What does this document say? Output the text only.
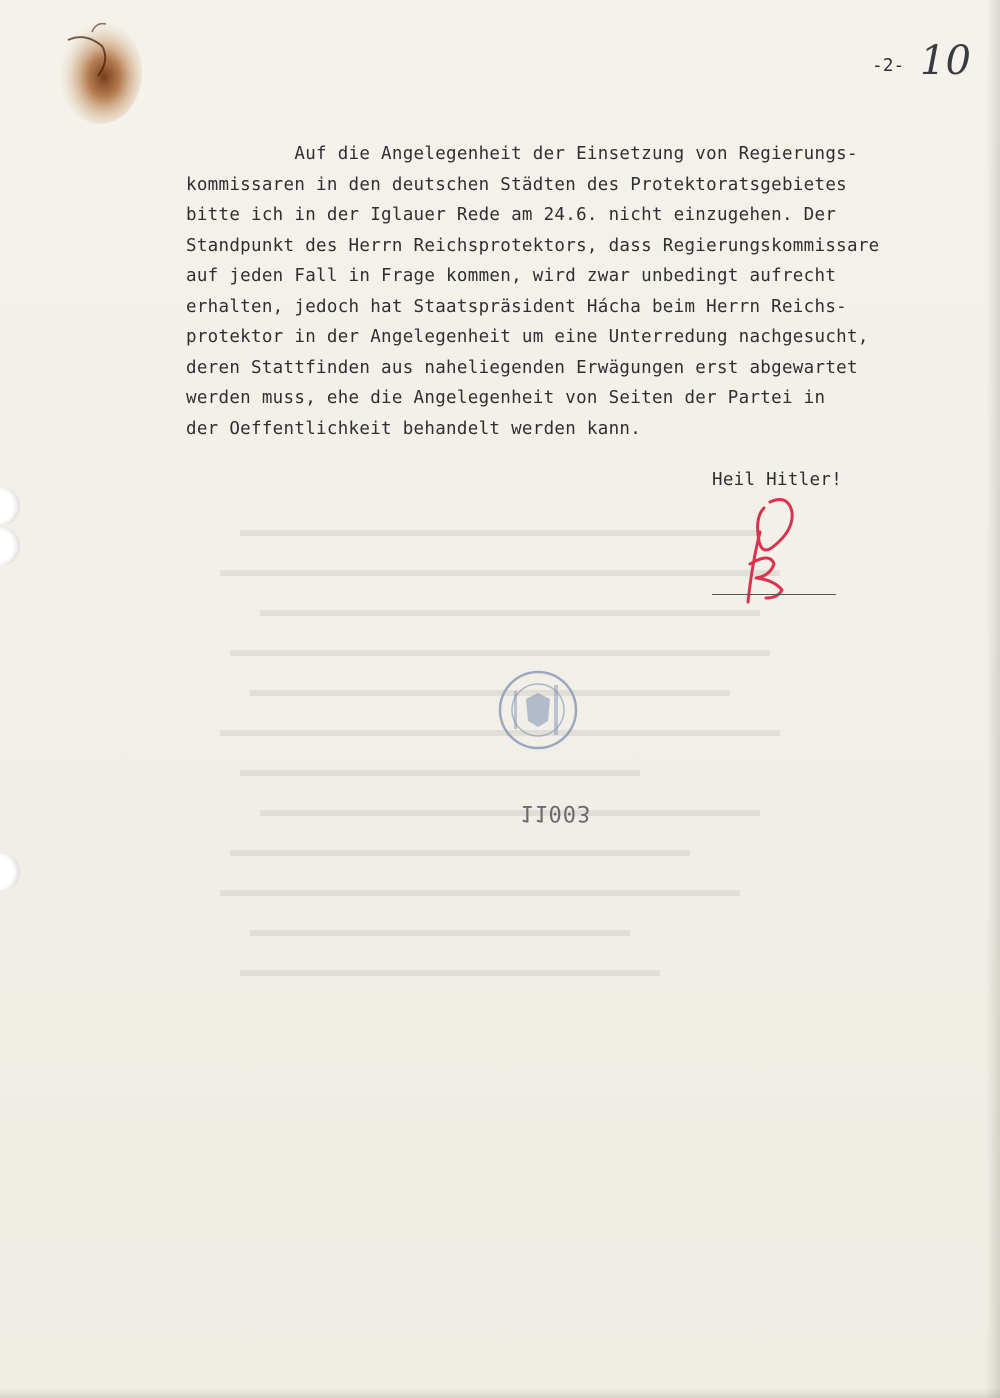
-2- 10

Auf die Angelegenheit der Einsetzung von Regierungs-

kommissaren in den deutschen Städten des Protektoratsgebietes

bitte ich in der Iglauer Rede am 24.6. nicht einzugehen. Der

Standpunkt des Herrn Reichsprotektors, dass Regierungskommissare

auf jeden Fall in Frage kommen, wird zwar unbedingt aufrecht

erhalten, jedoch hat Staatspräsident Hácha beim Herrn Reichs-

protektor in der Angelegenheit um eine Unterredung nachgesucht,

deren Stattfinden aus naheliegenden Erwägungen erst abgewartet

werden muss, ehe die Angelegenheit von Seiten der Partei in

der Oeffentlichkeit behandelt werden kann.

Heil Hitler!
11003
